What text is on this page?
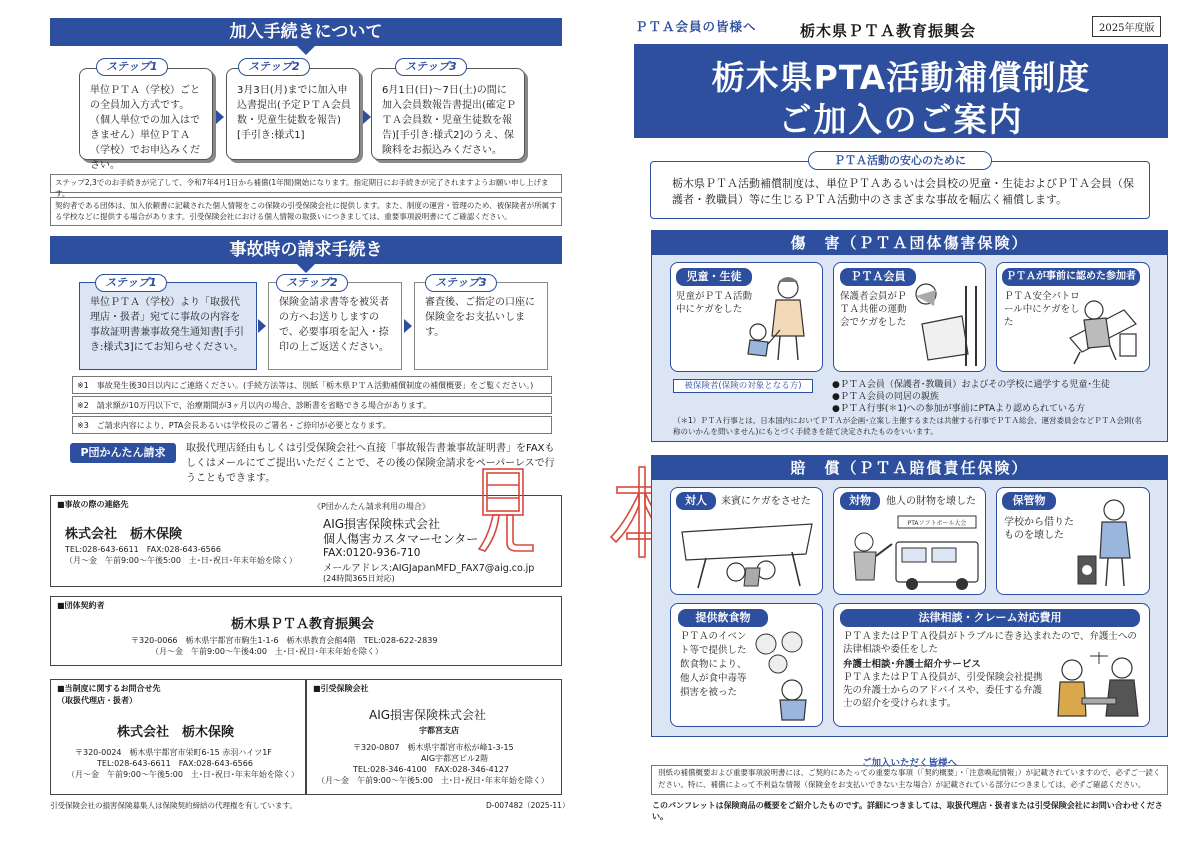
加入手続きについて
単位ＰＴＡ（学校）ごとの全員加入方式です。（個人単位での加入はできません）単位ＰＴＡ（学校）でお申込みください。
ステップ1
3月3日(月)までに加入申込書提出(予定ＰＴＡ会員数・児童生徒数を報告)[手引き:様式1]
ステップ2
6月1日(日)～7日(土)の間に加入会員数報告書提出(確定ＰＴＡ会員数・児童生徒数を報告)[手引き:様式2]のうえ、保険料をお振込みください。
ステップ3
ステップ2,3でのお手続きが完了して、令和7年4月1日から補償(1年間)開始になります。指定期日にお手続きが完了されますようお願い申し上げます。
契約者である団体は、加入依頼書に記載された個人情報をこの保険の引受保険会社に提供します。また、制度の運営・管理のため、被保険者が所属する学校などに提供する場合があります。引受保険会社における個人情報の取扱いにつきましては、重要事項説明書にてご確認ください。
事故時の請求手続き
単位ＰＴＡ（学校）より「取扱代理店・扱者」宛てに事故の内容を事故証明書兼事故発生通知書[手引き:様式3]にてお知らせください。
ステップ1
保険金請求書等を被災者の方へお送りしますので、必要事項を記入・捺印の上ご返送ください。
ステップ2
審査後、ご指定の口座に保険金をお支払いします。
ステップ3
※1　事故発生後30日以内にご連絡ください。(手続方法等は、別紙「栃木県ＰＴＡ活動補償制度の補償概要」をご覧ください。)
※2　請求額が10万円以下で、治療期間が3ヶ月以内の場合、診断書を省略できる場合があります。
※3　ご請求内容により、PTA会長あるいは学校長のご署名・ご捺印が必要となります。
P団かんたん請求	取扱代理店経由もしくは引受保険会社へ直接「事故報告書兼事故証明書」をFAXもしくはメールにてご提出いただくことで、その後の保険金請求をペーパーレスで行うこともできます。
■事故の際の連絡先
株式会社　栃木保険
TEL:028-643-6611　FAX:028-643-6566
（月～金　午前9:00～午後5:00　土･日･祝日･年末年始を除く）
《P団かんたん請求利用の場合》
AIG損害保険株式会社
個人傷害カスタマーセンター
FAX:0120-936-710
メールアドレス:AIGJapanMFD_FAX7@aig.co.jp
(24時間365日対応)
■団体契約者
栃木県ＰＴＡ教育振興会
〒320-0066　栃木県宇都宮市駒生1-1-6　栃木県教育会館4階　TEL:028-622-2839
（月～金　午前9:00～午後4:00　土･日･祝日･年末年始を除く）
■当制度に関するお問合せ先
（取扱代理店・扱者）
株式会社　栃木保険
〒320-0024　栃木県宇都宮市栄町6-15 赤羽ハイツ1F
TEL:028-643-6611　FAX:028-643-6566
（月～金　午前9:00～午後5:00　土･日･祝日･年末年始を除く）
■引受保険会社
AIG損害保険株式会社
宇都宮支店
〒320-0807　栃木県宇都宮市松が峰1-3-15
AIG宇都宮ビル2階
TEL:028-346-4100　FAX:028-346-4127
（月～金　午前9:00～午後5:00　土･日･祝日･年末年始を除く）
引受保険会社の損害保険募集人は保険契約締結の代理権を有しています。	D-007482（2025-11）
ＰＴＡ会員の皆様へ	栃木県ＰＴＡ教育振興会	2025年度版
栃木県PTA活動補償制度
ご加入のご案内
ＰＴＡ活動の安心のために
栃木県ＰＴＡ活動補償制度は、単位ＰＴＡあるいは会員校の児童・生徒およびＰＴＡ会員（保護者・教職員）等に生じるＰＴＡ活動中のさまざまな事故を幅広く補償します。
傷　害（ＰＴＡ団体傷害保険）
児童・生徒
児童がＰＴＡ活動中にケガをした
ＰＴＡ会員
保護者会員がＰＴＡ共催の運動会でケガをした
ＰＴＡが事前に認めた参加者
ＰＴＡ安全パトロール中にケガをした
被保険者(保険の対象となる方)	●ＰＴＡ会員（保護者･教職員）およびその学校に通学する児童･生徒
●ＰＴＡ会員の同居の親族
●ＰＴＡ行事(＊1)への参加が事前にPTAより認められている方
（＊1）ＰＴＡ行事とは、日本国内においてＰＴＡが企画･立案し主催するまたは共催する行事でＰＴＡ総会、運営委員会などＰＴＡ会則(名称のいかんを問いません)にもとづく手続きを経て決定されたものをいいます。
賠　償（ＰＴＡ賠償責任保険）
対人	来賓にケガをさせた	対物	他人の財物を壊した
PTAソフトボール大会
保管物
学校から借りたものを壊した
提供飲食物
ＰＴＡのイベント等で提供した飲食物により、他人が食中毒等損害を被った
法律相談・クレーム対応費用
ＰＴＡまたはＰＴＡ役員がトラブルに巻き込まれたので、弁護士への法律相談や委任をした
弁護士相談･弁護士紹介サービス
ＰＴＡまたはＰＴＡ役員が、引受保険会社提携先の弁護士からのアドバイスや、委任する弁護士の紹介を受けられます。
ご加入いただく皆様へ
別紙の補償概要および重要事項説明書には、ご契約にあたっての重要な事項（「契約概要」・「注意喚起情報」）が記載されていますので、必ずご一読ください。特に、補償によって不利益な情報（保険金をお支払いできない主な場合）が記載されている部分につきましては、必ずご確認ください。
このパンフレットは保険商品の概要をご紹介したものです。詳細につきましては、取扱代理店・扱者または引受保険会社にお問い合わせください。
